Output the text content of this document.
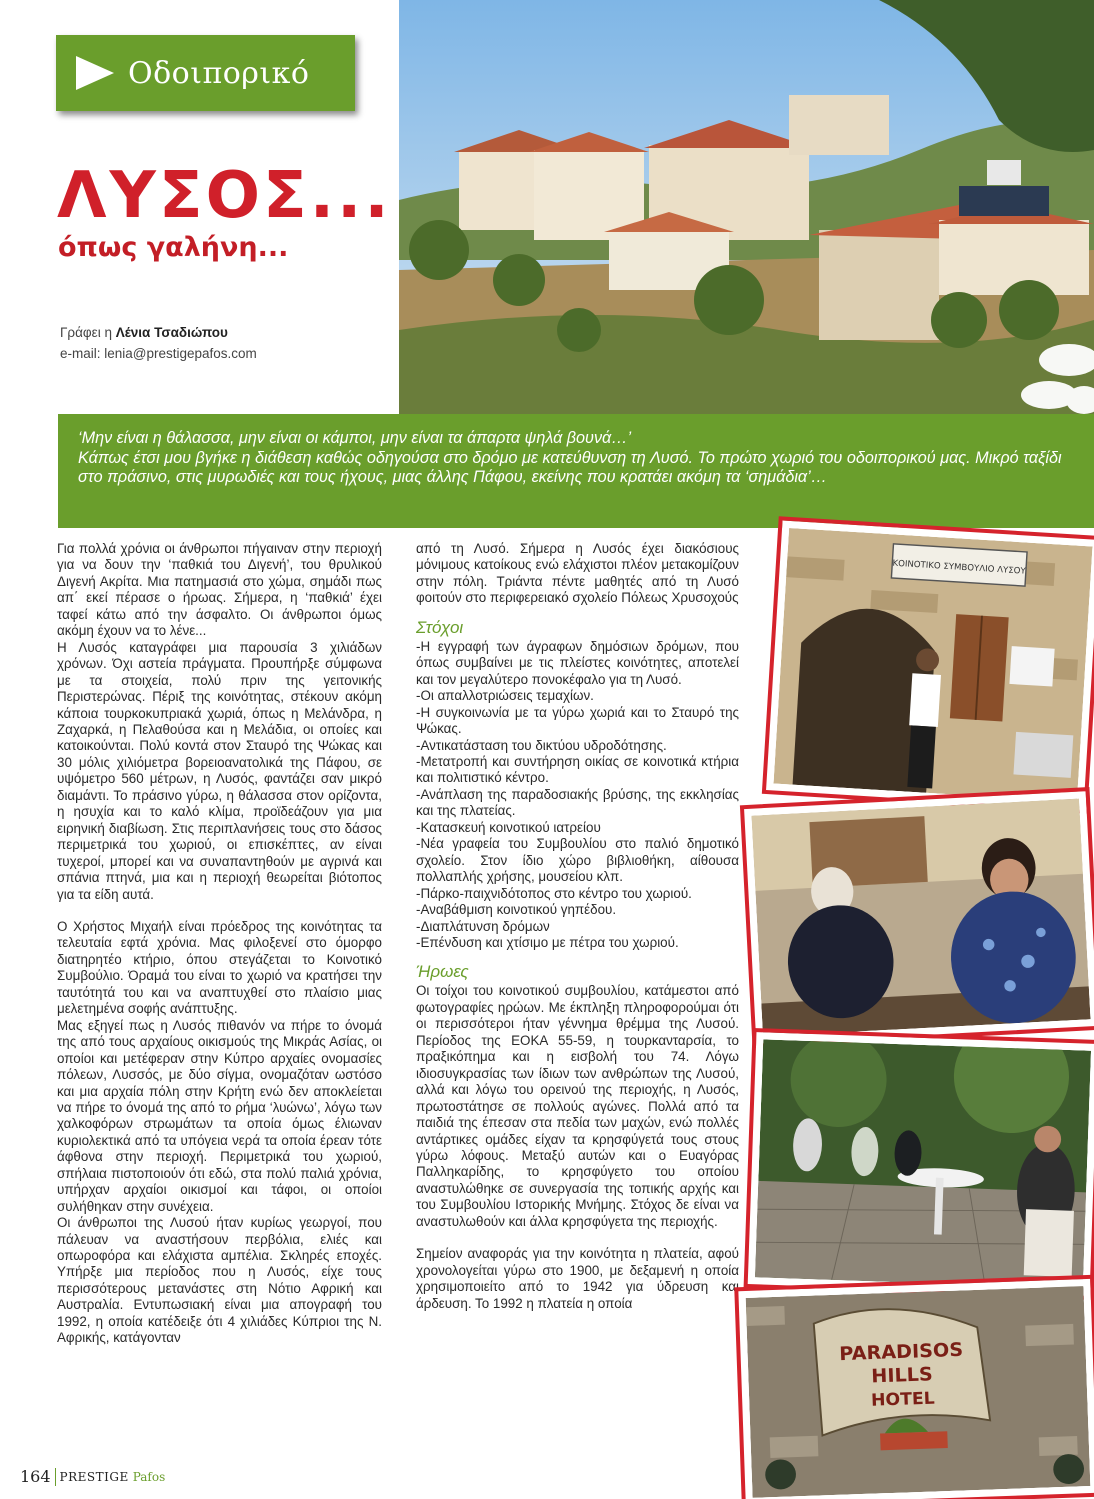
Οδοιπορικό
ΛΥΣΟΣ...
όπως γαλήνη...
Γράφει η Λένια Τσαδιώπου
e-mail: lenia@prestigepafos.com

‘Μην είναι η θάλασσα, μην είναι οι κάμποι, μην είναι τα άπαρτα ψηλά βουνά…’

Κάπως έτσι μου βγήκε η διάθεση καθώς οδηγούσα στο δρόμο με κατεύθυνση τη Λυσό. Το πρώτο χωριό του οδοιπορικού μας. Μικρό ταξίδι στο πράσινο, στις μυρωδιές και τους ήχους, μιας άλλης Πάφου, εκείνης που κρατάει ακόμη τα ‘σημάδια’…

Για πολλά χρόνια οι άνθρωποι πήγαιναν στην περιοχή για να δουν την ‘παθκιά του Διγενή’, του θρυλικού Διγενή Ακρίτα. Μια πατημασιά στο χώμα, σημάδι πως απ΄ εκεί πέρασε ο ήρωας. Σήμερα, η ‘παθκιά’ έχει ταφεί κάτω από την άσφαλτο. Οι άνθρωποι όμως ακόμη έχουν να το λένε...

Η Λυσός καταγράφει μια παρουσία 3 χιλιάδων χρόνων. Όχι αστεία πράγματα. Προυπήρξε σύμφωνα με τα στοιχεία, πολύ πριν της γειτονικής Περιστερώνας. Πέριξ της κοινότητας, στέκουν ακόμη κάποια τουρκοκυπριακά χωριά, όπως η Μελάνδρα, η Ζαχαρκά, η Πελαθούσα και η Μελάδια, οι οποίες και κατοικούνται. Πολύ κοντά στον Σταυρό της Ψώκας και 30 μόλις χιλιόμετρα βορειοανατολικά της Πάφου, σε υψόμετρο 560 μέτρων, η Λυσός, φαντάζει σαν μικρό διαμάντι. Το πράσινο γύρω, η θάλασσα στον ορίζοντα, η ησυχία και το καλό κλίμα, προϊδεάζουν για μια ειρηνική διαβίωση. Στις περιπλανήσεις τους στο δάσος περιμετρικά του χωριού, οι επισκέπτες, αν είναι τυχεροί, μπορεί και να συναπαντηθούν με αγρινά και σπάνια πτηνά, μια και η περιοχή θεωρείται βιότοπος για τα είδη αυτά.

Ο Χρήστος Μιχαήλ είναι πρόεδρος της κοινότητας τα τελευταία εφτά χρόνια. Μας φιλοξενεί στο όμορφο διατηρητέο κτήριο, όπου στεγάζεται το Κοινοτικό Συμβούλιο. Όραμά του είναι το χωριό να κρατήσει την ταυτότητά του και να αναπτυχθεί στο πλαίσιο μιας μελετημένα σοφής ανάπτυξης.

Μας εξηγεί πως η Λυσός πιθανόν να πήρε το όνομά της από τους αρχαίους οικισμούς της Μικράς Ασίας, οι οποίοι και μετέφεραν στην Κύπρο αρχαίες ονομασίες πόλεων, Λυσσός, με δύο σίγμα, ονομαζόταν ωστόσο και μια αρχαία πόλη στην Κρήτη ενώ δεν αποκλείεται να πήρε το όνομά της από το ρήμα ‘λυώνω’, λόγω των χαλκοφόρων στρωμάτων τα οποία όμως έλιωναν κυριολεκτικά από τα υπόγεια νερά τα οποία έρεαν τότε άφθονα στην περιοχή. Περιμετρικά του χωριού, σπήλαια πιστοποιούν ότι εδώ, στα πολύ παλιά χρόνια, υπήρχαν αρχαίοι οικισμοί και τάφοι, οι οποίοι συλήθηκαν στην συνέχεια.

Οι άνθρωποι της Λυσού ήταν κυρίως γεωργοί, που πάλευαν να αναστήσουν περβόλια, ελιές και οπωροφόρα και ελάχιστα αμπέλια. Σκληρές εποχές. Υπήρξε μια περίοδος που η Λυσός, είχε τους περισσότερους μετανάστες στη Νότιο Αφρική και Αυστραλία. Εντυπωσιακή είναι μια απογραφή του 1992, η οποία κατέδειξε ότι 4 χιλιάδες Κύπριοι της Ν. Αφρικής, κατάγονταν

από τη Λυσό. Σήμερα η Λυσός έχει διακόσιους μόνιμους κατοίκους ενώ ελάχιστοι πλέον μετακομίζουν στην πόλη. Τριάντα πέντε μαθητές από τη Λυσό φοιτούν στο περιφερειακό σχολείο Πόλεως Χρυσοχούς

Στόχοι

-Η εγγραφή των άγραφων δημόσιων δρόμων, που όπως συμβαίνει με τις πλείστες κοινότητες, αποτελεί και τον μεγαλύτερο πονοκέφαλο για τη Λυσό.

-Οι απαλλοτριώσεις τεμαχίων.

-Η συγκοινωνία με τα γύρω χωριά και το Σταυρό της Ψώκας.

-Αντικατάσταση του δικτύου υδροδότησης.

-Μετατροπή και συντήρηση οικίας σε κοινοτικά κτήρια και πολιτιστικό κέντρο.

-Ανάπλαση της παραδοσιακής βρύσης, της εκκλησίας και της πλατείας.

-Κατασκευή κοινοτικού ιατρείου

-Νέα γραφεία του Συμβουλίου στο παλιό δημοτικό σχολείο. Στον ίδιο χώρο βιβλιοθήκη, αίθουσα πολλαπλής χρήσης, μουσείου κλπ.

-Πάρκο-παιχνιδότοπος στο κέντρο του χωριού.

-Αναβάθμιση κοινοτικού γηπέδου.

-Διαπλάτυνση δρόμων

-Επένδυση και χτίσιμο με πέτρα του χωριού.

Ήρωες

Οι τοίχοι του κοινοτικού συμβουλίου, κατάμεστοι από φωτογραφίες ηρώων. Με έκπληξη πληροφορούμαι ότι οι περισσότεροι ήταν γέννημα θρέμμα της Λυσού. Περίοδος της ΕΟΚΑ 55-59, η τουρκανταρσία, το πραξικόπημα και η εισβολή του 74. Λόγω ιδιοσυγκρασίας των ίδιων των ανθρώπων της Λυσού, αλλά και λόγω του ορεινού της περιοχής, η Λυσός, πρωτοστάτησε σε πολλούς αγώνες. Πολλά από τα παιδιά της έπεσαν στα πεδία των μαχών, ενώ πολλές αντάρτικες ομάδες είχαν τα κρησφύγετά τους στους γύρω λόφους. Μεταξύ αυτών και ο Ευαγόρας Παλληκαρίδης, το κρησφύγετο του οποίου αναστυλώθηκε σε συνεργασία της τοπικής αρχής και του Συμβουλίου Ιστορικής Μνήμης. Στόχος δε είναι να αναστυλωθούν και άλλα κρησφύγετα της περιοχής.

Σημείον αναφοράς για την κοινότητα η πλατεία, αφού χρονολογείται γύρω στο 1900, με δεξαμενή η οποία χρησιμοποιείτο από το 1942 για ύδρευση και άρδευση. Το 1992 η πλατεία η οποία

ΚΟΙΝΟΤΙΚΟ ΣΥΜΒΟΥΛΙΟ ΛΥΣΟΥ
PARADISOS
HILLS
HOTEL
164 PRESTIGE Pafos
